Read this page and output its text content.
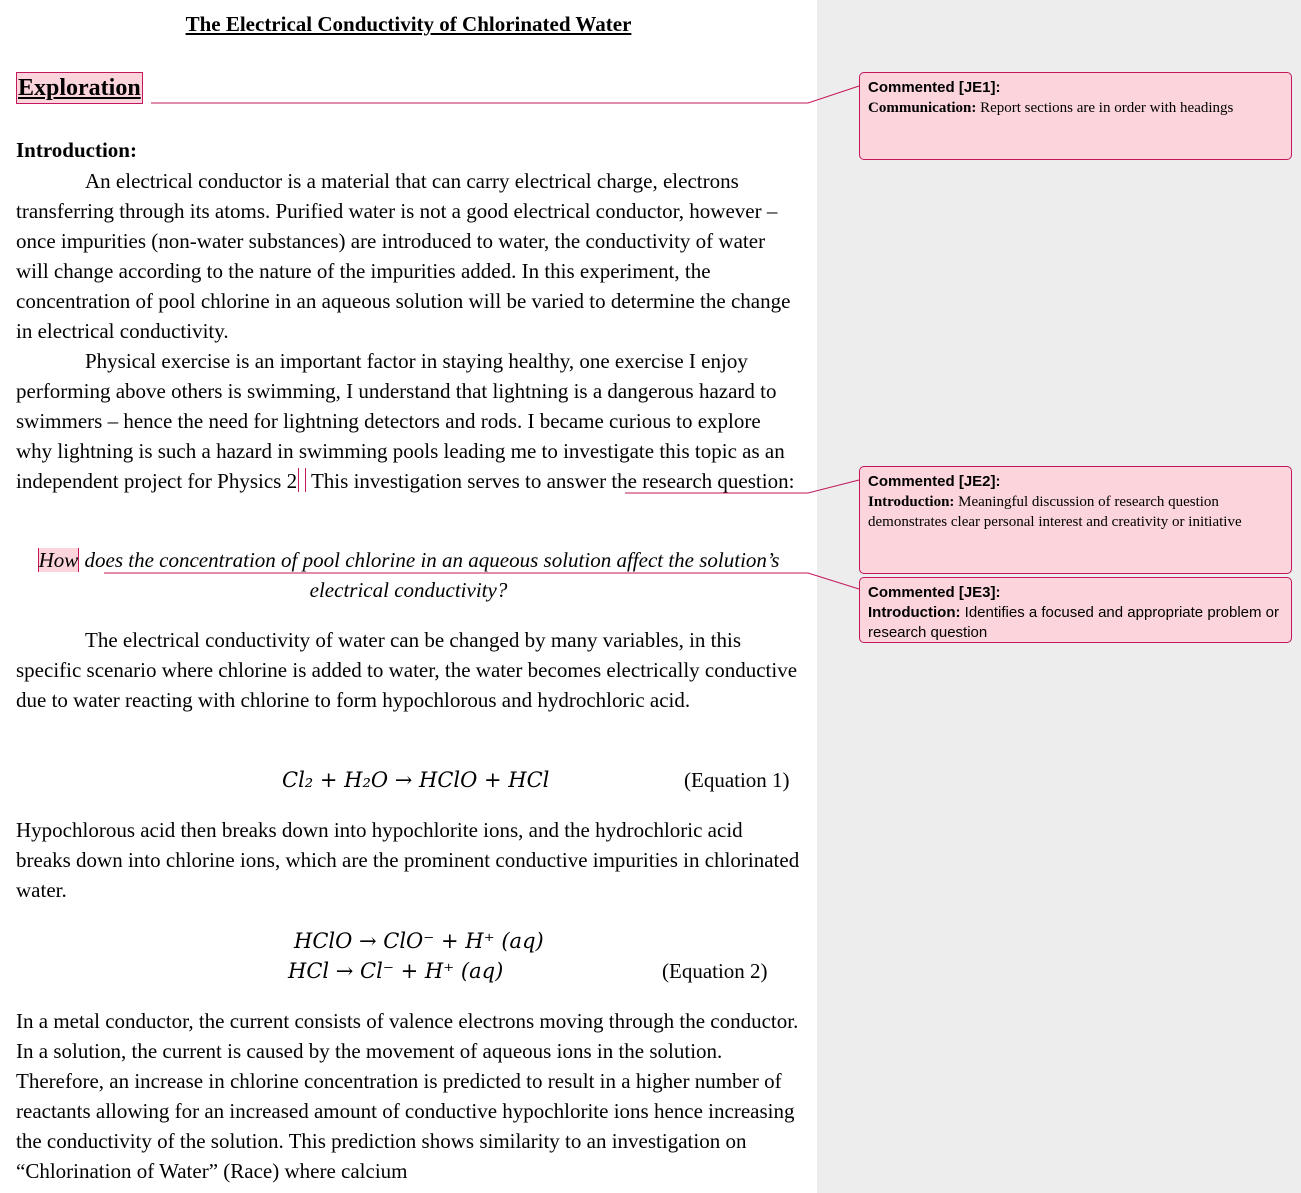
The Electrical Conductivity of Chlorinated Water
Exploration
Introduction:

An electrical conductor is a material that can carry electrical charge, electrons transferring through its atoms. Purified water is not a good electrical conductor, however – once impurities (non-water substances) are introduced to water, the conductivity of water will change according to the nature of the impurities added. In this experiment, the concentration of pool chlorine in an aqueous solution will be varied to determine the change in electrical conductivity.

Physical exercise is an important factor in staying healthy, one exercise I enjoy performing above others is swimming, I understand that lightning is a dangerous hazard to swimmers – hence the need for lightning detectors and rods. I became curious to explore why lightning is such a hazard in swimming pools leading me to investigate this topic as an independent project for Physics 2 This investigation serves to answer the research question:

How does the concentration of pool chlorine in an aqueous solution affect the solution’s electrical conductivity?

The electrical conductivity of water can be changed by many variables, in this specific scenario where chlorine is added to water, the water becomes electrically conductive due to water reacting with chlorine to form hypochlorous and hydrochloric acid.

Cl₂ + H₂O → HClO + HCl	(Equation 1)

Hypochlorous acid then breaks down into hypochlorite ions, and the hydrochloric acid breaks down into chlorine ions, which are the prominent conductive impurities in chlorinated water.

HClO → ClO⁻ + H⁺ (aq)
HCl → Cl⁻ + H⁺ (aq)	(Equation 2)

In a metal conductor, the current consists of valence electrons moving through the conductor. In a solution, the current is caused by the movement of aqueous ions in the solution. Therefore, an increase in chlorine concentration is predicted to result in a higher number of reactants allowing for an increased amount of conductive hypochlorite ions hence increasing the conductivity of the solution. This prediction shows similarity to an investigation on “Chlorination of Water” (Race) where calcium

Commented [JE1]:
Communication: Report sections are in order with headings
Commented [JE2]:
Introduction: Meaningful discussion of research question demonstrates clear personal interest and creativity or initiative
Commented [JE3]:
Introduction: Identifies a focused and appropriate problem or research question
